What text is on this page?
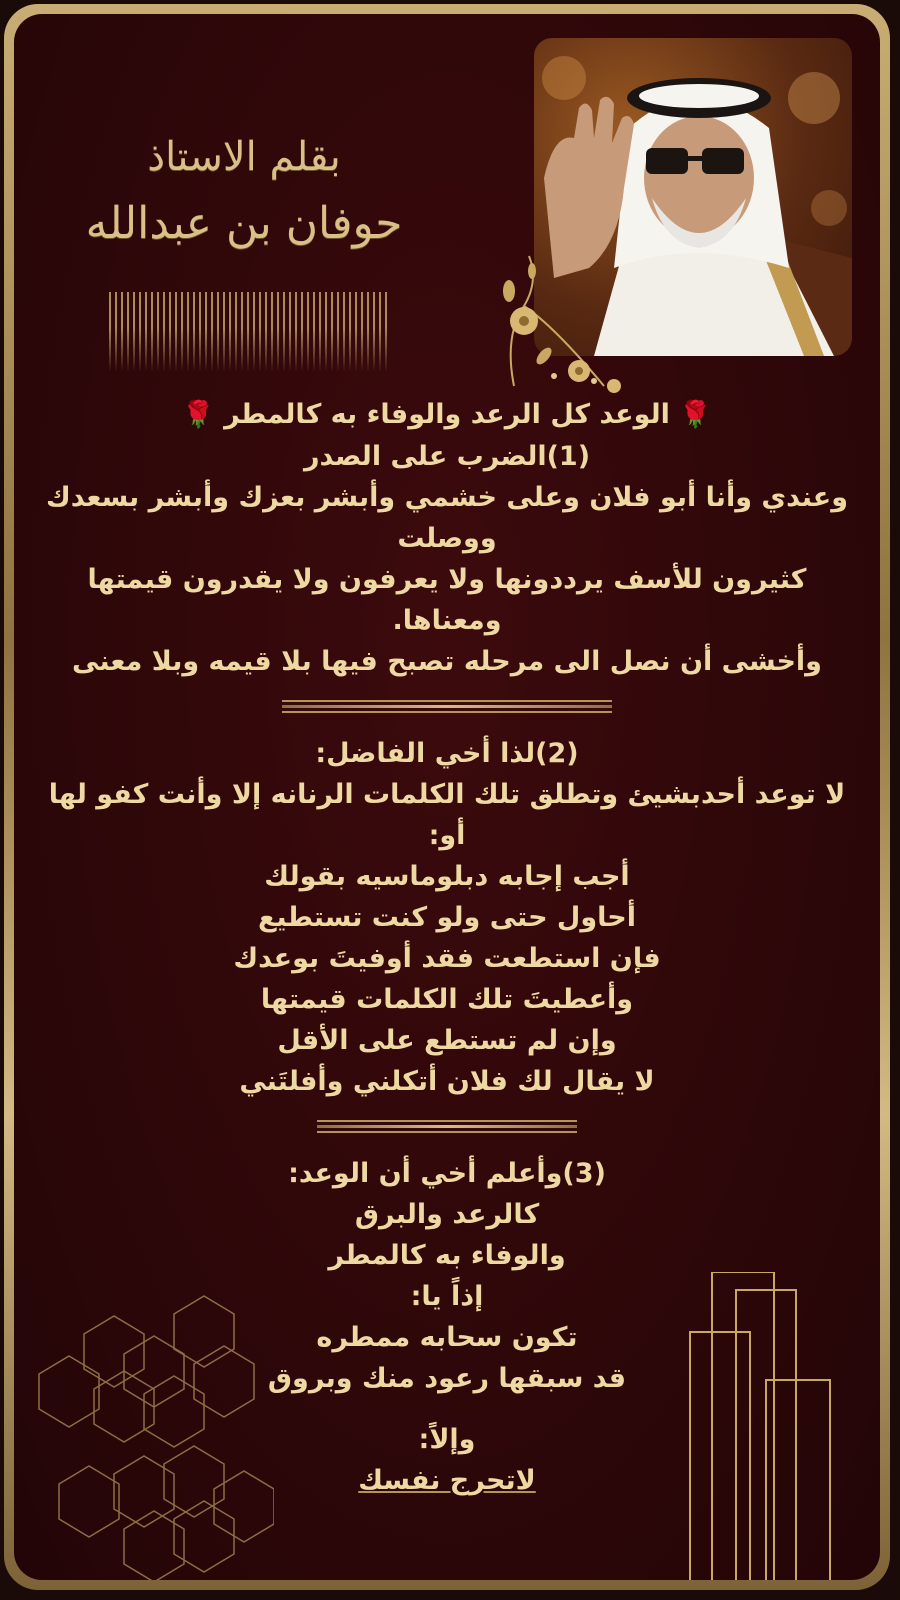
بقلم الاستاذ

حوفان بن عبدالله

🌹 الوعد كل الرعد والوفاء به كالمطر 🌹

(1)الضرب على الصدر

وعندي وأنا أبو فلان وعلى خشمي وأبشر بعزك وأبشر بسعدك ووصلت

كثيرون للأسف يرددونها ولا يعرفون ولا يقدرون قيمتها ومعناها.

وأخشى أن نصل الى مرحله تصبح فيها بلا قيمه وبلا معنى

(2)لذا أخي الفاضل:

لا توعد أحدبشيئ وتطلق تلك الكلمات الرنانه إلا وأنت كفو لها أو:

أجب إجابه دبلوماسيه بقولك

أحاول حتى ولو كنت تستطيع

فإن استطعت فقد أوفيتَ بوعدك

وأعطيتَ تلك الكلمات قيمتها

وإن لم تستطع على الأقل

لا يقال لك فلان أتكلني وأفلتَني

(3)وأعلم أخي أن الوعد:

كالرعد والبرق

والوفاء به كالمطر

إذاً يا:

تكون سحابه ممطره

قد سبقها رعود منك وبروق

وإلاً:

لاتحرج نفسك
